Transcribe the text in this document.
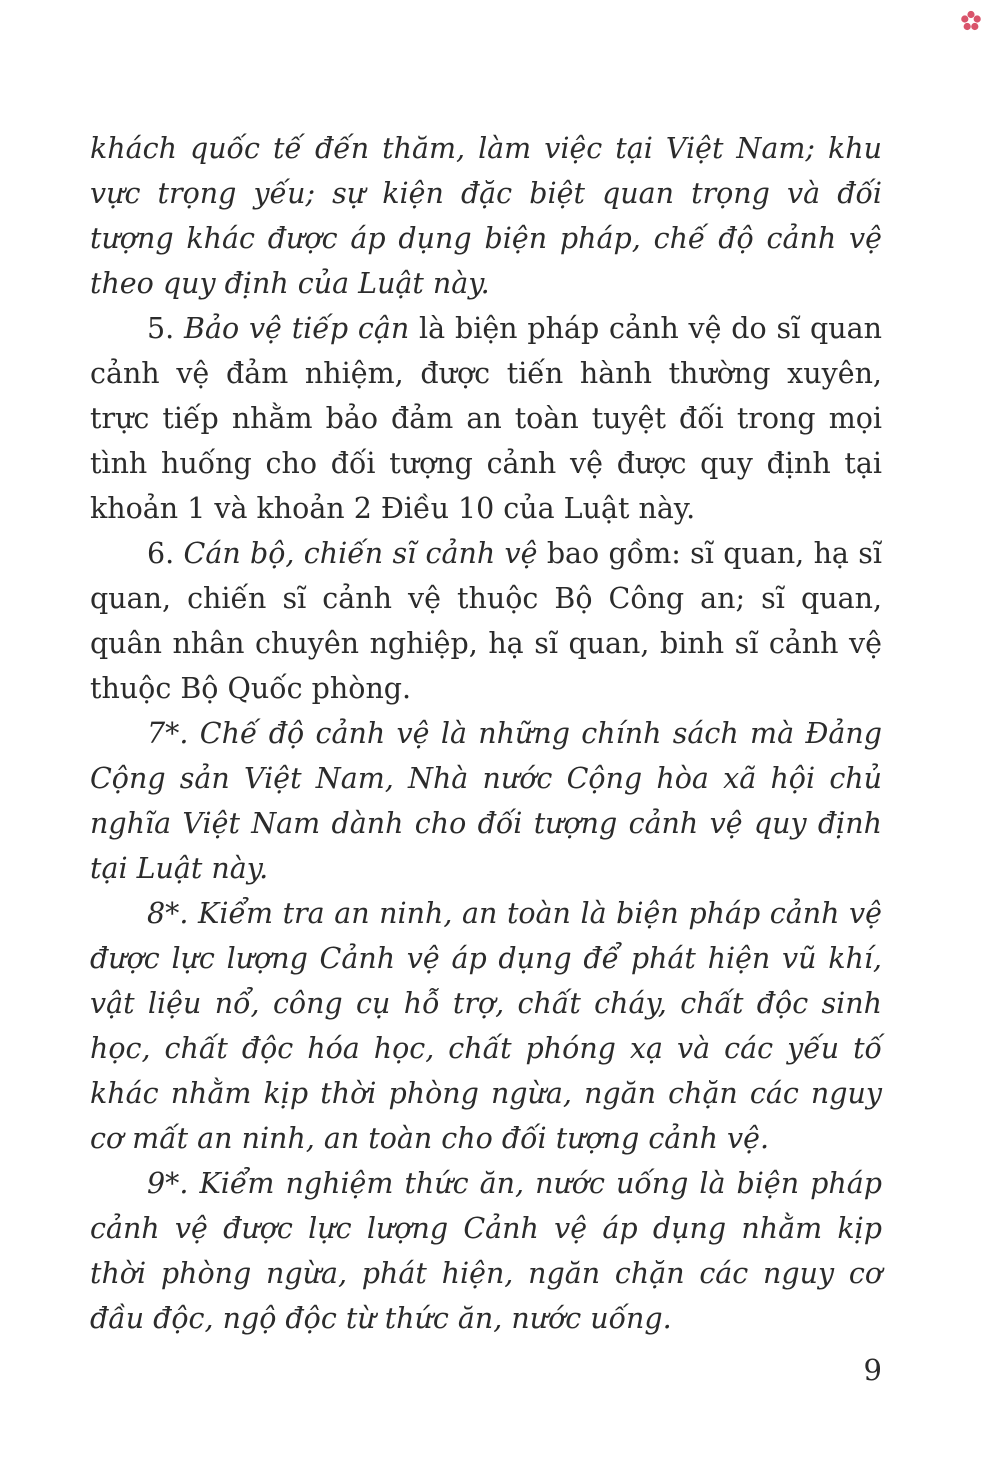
khách quốc tế đến thăm, làm việc tại Việt Nam; khu vực trọng yếu; sự kiện đặc biệt quan trọng và đối tượng khác được áp dụng biện pháp, chế độ cảnh vệ theo quy định của Luật này.

5. Bảo vệ tiếp cận là biện pháp cảnh vệ do sĩ quan cảnh vệ đảm nhiệm, được tiến hành thường xuyên, trực tiếp nhằm bảo đảm an toàn tuyệt đối trong mọi tình huống cho đối tượng cảnh vệ được quy định tại khoản 1 và khoản 2 Điều 10 của Luật này.

6. Cán bộ, chiến sĩ cảnh vệ bao gồm: sĩ quan, hạ sĩ quan, chiến sĩ cảnh vệ thuộc Bộ Công an; sĩ quan, quân nhân chuyên nghiệp, hạ sĩ quan, binh sĩ cảnh vệ thuộc Bộ Quốc phòng.

7*. Chế độ cảnh vệ là những chính sách mà Đảng Cộng sản Việt Nam, Nhà nước Cộng hòa xã hội chủ nghĩa Việt Nam dành cho đối tượng cảnh vệ quy định tại Luật này.

8*. Kiểm tra an ninh, an toàn là biện pháp cảnh vệ được lực lượng Cảnh vệ áp dụng để phát hiện vũ khí, vật liệu nổ, công cụ hỗ trợ, chất cháy, chất độc sinh học, chất độc hóa học, chất phóng xạ và các yếu tố khác nhằm kịp thời phòng ngừa, ngăn chặn các nguy cơ mất an ninh, an toàn cho đối tượng cảnh vệ.

9*. Kiểm nghiệm thức ăn, nước uống là biện pháp cảnh vệ được lực lượng Cảnh vệ áp dụng nhằm kịp thời phòng ngừa, phát hiện, ngăn chặn các nguy cơ đầu độc, ngộ độc từ thức ăn, nước uống.

9
